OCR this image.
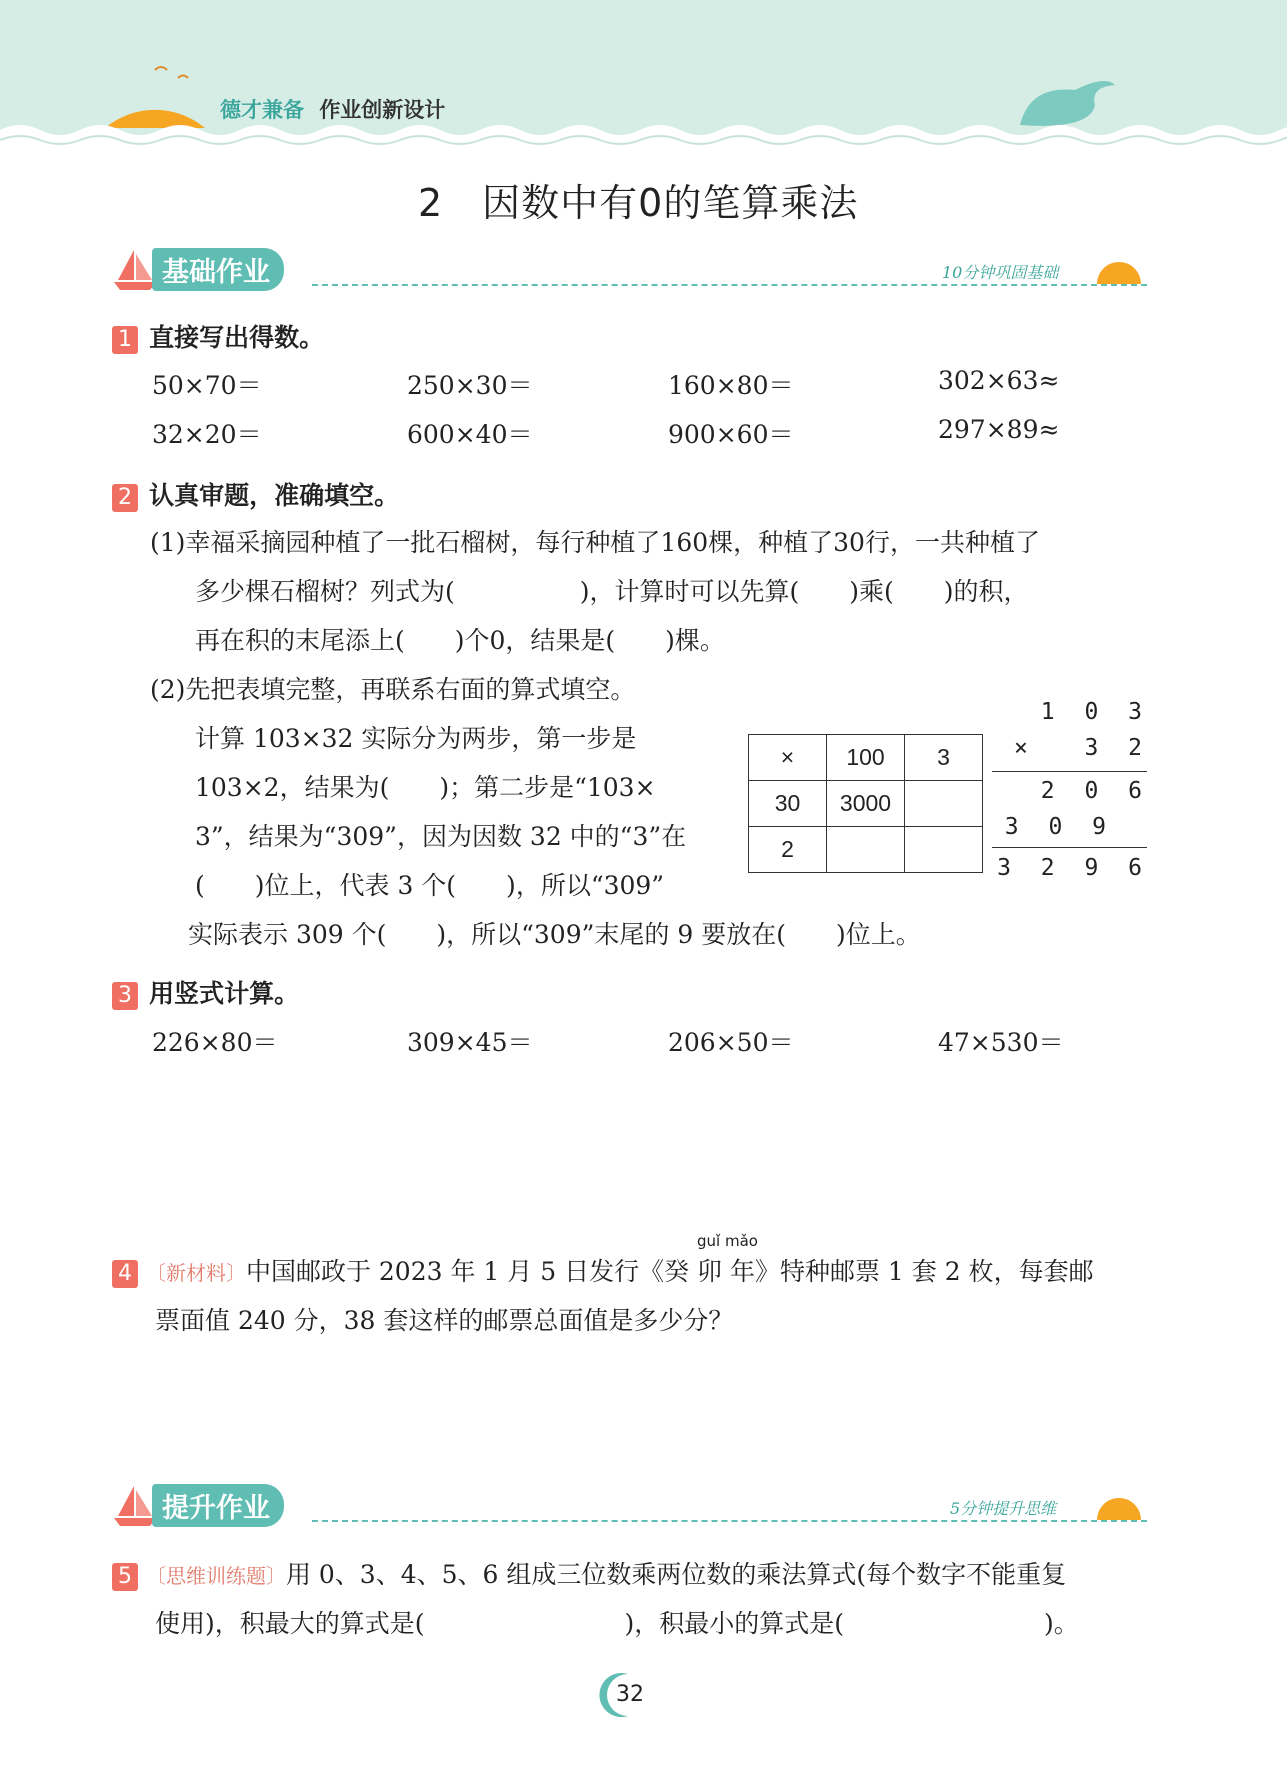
德才兼备 作业创新设计
2　因数中有0的笔算乘法
基础作业	10分钟巩固基础
1 直接写出得数。
50×70＝	250×30＝	160×80＝	302×63≈
32×20＝	600×40＝	900×60＝	297×89≈
2 认真审题，准确填空。
(1)幸福采摘园种植了一批石榴树，每行种植了160棵，种植了30行，一共种植了
多少棵石榴树？列式为(　　　　　)，计算时可以先算(　　)乘(　　)的积，
再在积的末尾添上(　　)个0，结果是(　　)棵。
(2)先把表填完整，再联系右面的算式填空。
计算 103×32 实际分为两步，第一步是
103×2，结果为(　　)；第二步是“103×
3”，结果为“309”，因为因数 32 中的“3”在
(　　)位上，代表 3 个(　　)，所以“309”
实际表示 309 个(　　)，所以“309”末尾的 9 要放在(　　)位上。
×	100	3
30	3000	
2		
1 0 3
× 3 2
2 0 6
3 0 9
3 2 9 6
3 用竖式计算。
226×80＝	309×45＝	206×50＝	47×530＝
guǐ mǎo
4 〔新材料〕中国邮政于 2023 年 1 月 5 日发行《癸 卯 年》特种邮票 1 套 2 枚，每套邮
票面值 240 分，38 套这样的邮票总面值是多少分？
提升作业	5分钟提升思维
5 〔思维训练题〕用 0、3、4、5、6 组成三位数乘两位数的乘法算式(每个数字不能重复
使用)，积最大的算式是(　　　　　　　　)，积最小的算式是(　　　　　　　　)。
32
